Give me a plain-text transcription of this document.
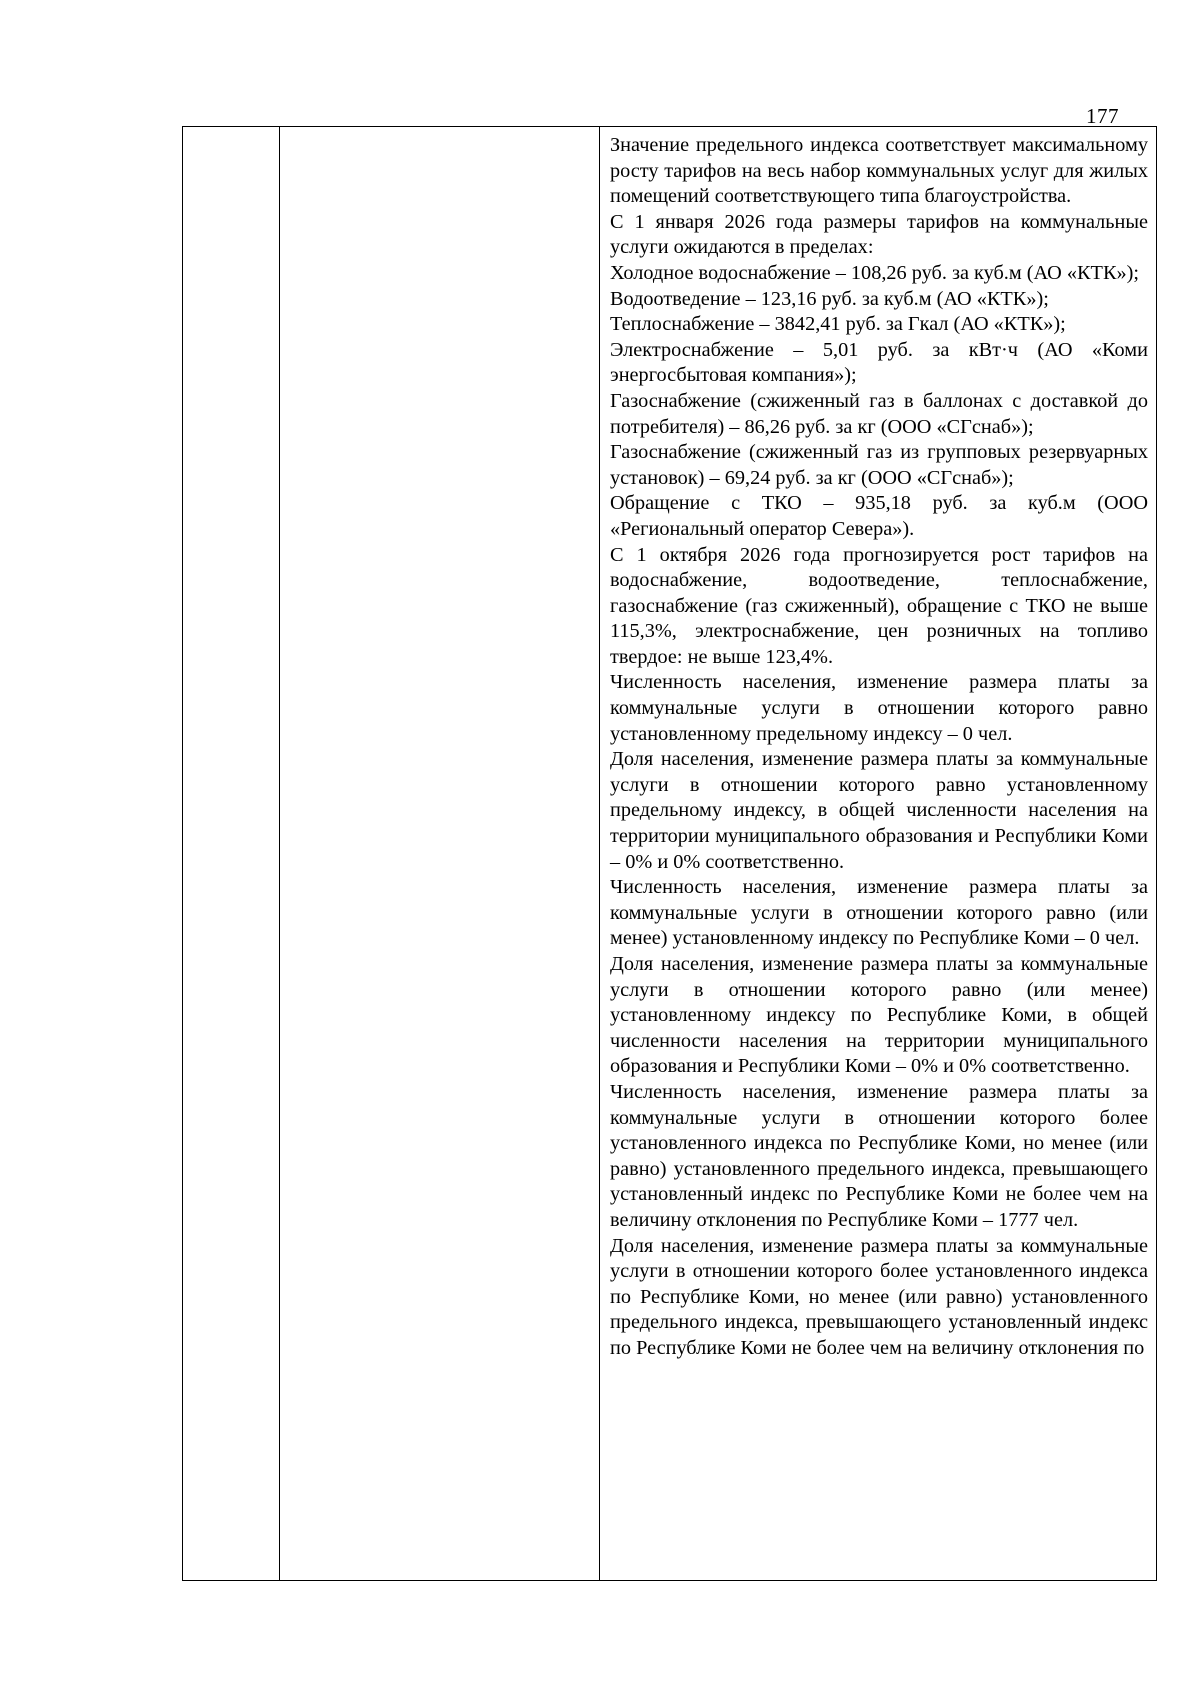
177

Значение предельного индекса соответствует максимальному росту тарифов на весь набор коммунальных услуг для жилых помещений соответствующего типа благоустройства.

С 1 января 2026 года размеры тарифов на коммунальные услуги ожидаются в пределах:

Холодное водоснабжение – 108,26 руб. за куб.м (АО «КТК»);

Водоотведение – 123,16 руб. за куб.м (АО «КТК»);

Теплоснабжение – 3842,41 руб. за Гкал (АО «КТК»);

Электроснабжение – 5,01 руб. за кВт·ч (АО «Коми энергосбытовая компания»);

Газоснабжение (сжиженный газ в баллонах с доставкой до потребителя) – 86,26 руб. за кг (ООО «СГснаб»);

Газоснабжение (сжиженный газ из групповых резервуарных установок) – 69,24 руб. за кг (ООО «СГснаб»);

Обращение с ТКО – 935,18 руб. за куб.м (ООО «Региональный оператор Севера»).

С 1 октября 2026 года прогнозируется рост тарифов на водоснабжение, водоотведение, теплоснабжение, газоснабжение (газ сжиженный), обращение с ТКО не выше 115,3%, электроснабжение, цен розничных на топливо твердое: не выше 123,4%.

Численность населения, изменение размера платы за коммунальные услуги в отношении которого равно установленному предельному индексу – 0 чел.

Доля населения, изменение размера платы за коммунальные услуги в отношении которого равно установленному предельному индексу, в общей численности населения на территории муниципального образования и Республики Коми – 0% и 0% соответственно.

Численность населения, изменение размера платы за коммунальные услуги в отношении которого равно (или менее) установленному индексу по Республике Коми – 0 чел.

Доля населения, изменение размера платы за коммунальные услуги в отношении которого равно (или менее) установленному индексу по Республике Коми, в общей численности населения на территории муниципального образования и Республики Коми – 0% и 0% соответственно.

Численность населения, изменение размера платы за коммунальные услуги в отношении которого более установленного индекса по Республике Коми, но менее (или равно) установленного предельного индекса, превышающего установленный индекс по Республике Коми не более чем на величину отклонения по Республике Коми – 1777 чел.

Доля населения, изменение размера платы за коммунальные услуги в отношении которого более установленного индекса по Республике Коми, но менее (или равно) установленного предельного индекса, превышающего установленный индекс по Республике Коми не более чем на величину отклонения по
